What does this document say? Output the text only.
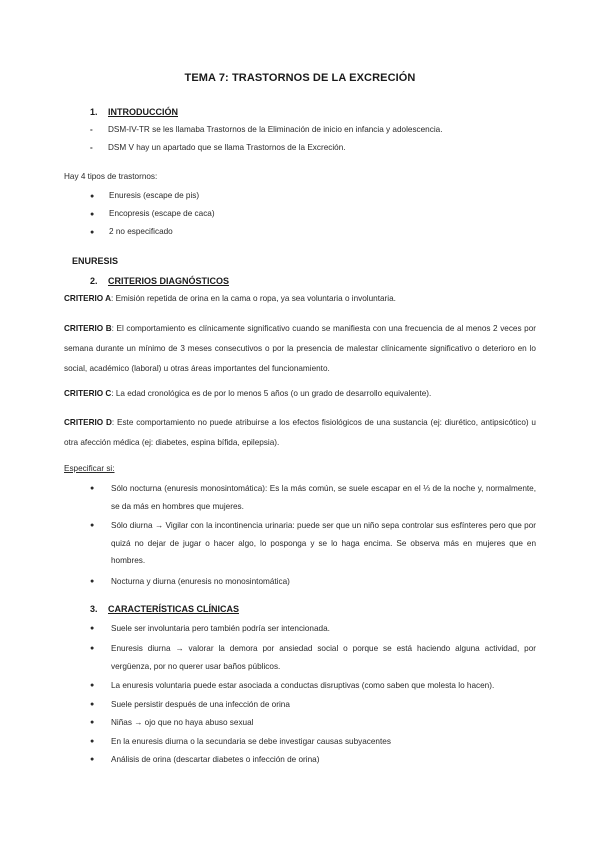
TEMA 7: TRASTORNOS DE LA EXCRECIÓN
1. INTRODUCCIÓN
- DSM-IV-TR se les llamaba Trastornos de la Eliminación de inicio en infancia y adolescencia.
- DSM V hay un apartado que se llama Trastornos de la Excreción.
Hay 4 tipos de trastornos:
● Enuresis (escape de pis)
● Encopresis (escape de caca)
● 2 no especificado
ENURESIS
2. CRITERIOS DIAGNÓSTICOS
CRITERIO A: Emisión repetida de orina en la cama o ropa, ya sea voluntaria o involuntaria.
CRITERIO B: El comportamiento es clínicamente significativo cuando se manifiesta con una frecuencia de al menos 2 veces por semana durante un mínimo de 3 meses consecutivos o por la presencia de malestar clínicamente significativo o deterioro en lo social, académico (laboral) u otras áreas importantes del funcionamiento.
CRITERIO C: La edad cronológica es de por lo menos 5 años (o un grado de desarrollo equivalente).
CRITERIO D: Este comportamiento no puede atribuirse a los efectos fisiológicos de una sustancia (ej: diurético, antipsicótico) u otra afección médica (ej: diabetes, espina bífida, epilepsia).
Especificar si:
●	Sólo nocturna (enuresis monosintomática): Es la más común, se suele escapar en el ⅓ de la noche y, normalmente, se da más en hombres que mujeres.
●	Sólo diurna → Vigilar con la incontinencia urinaria: puede ser que un niño sepa controlar sus esfínteres pero que por quizá no dejar de jugar o hacer algo, lo posponga y se lo haga encima. Se observa más en mujeres que en hombres.
●	Nocturna y diurna (enuresis no monosintomática)
3. CARACTERÍSTICAS CLÍNICAS
●	Suele ser involuntaria pero también podría ser intencionada.
●	Enuresis diurna → valorar la demora por ansiedad social o porque se está haciendo alguna actividad, por vergüenza, por no querer usar baños públicos.
●	La enuresis voluntaria puede estar asociada a conductas disruptivas (como saben que molesta lo hacen).
●	Suele persistir después de una infección de orina
●	Niñas → ojo que no haya abuso sexual
●	En la enuresis diurna o la secundaria se debe investigar causas subyacentes
●	Análisis de orina (descartar diabetes o infección de orina)
